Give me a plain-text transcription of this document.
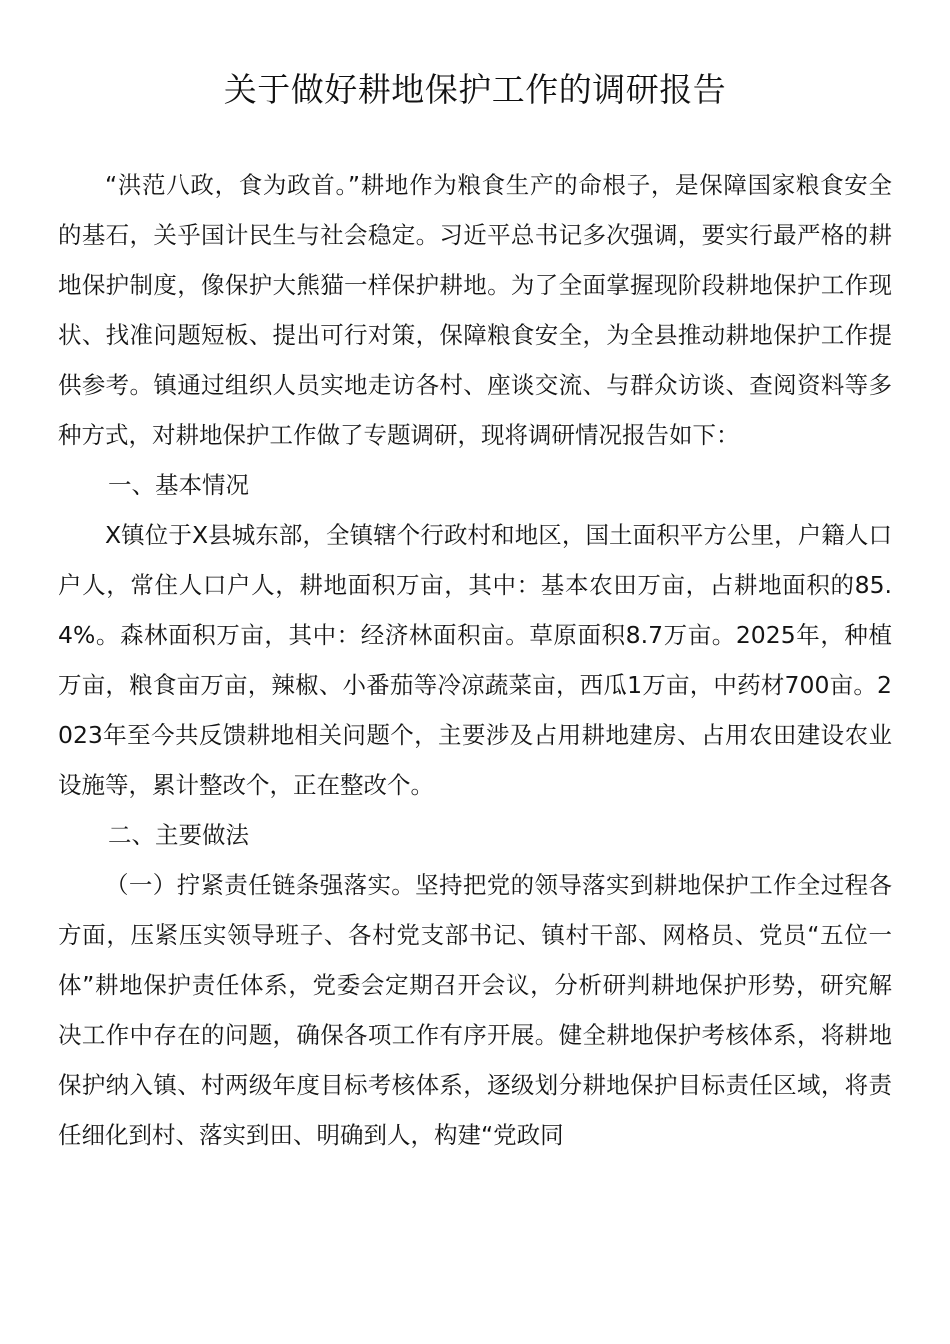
关于做好耕地保护工作的调研报告

“洪范八政，食为政首。”耕地作为粮食生产的命根子，是保障国家粮食安全的基石，关乎国计民生与社会稳定。习近平总书记多次强调，要实行最严格的耕地保护制度，像保护大熊猫一样保护耕地。为了全面掌握现阶段耕地保护工作现状、找准问题短板、提出可行对策，保障粮食安全，为全县推动耕地保护工作提供参考。镇通过组织人员实地走访各村、座谈交流、与群众访谈、查阅资料等多种方式，对耕地保护工作做了专题调研，现将调研情况报告如下：

一、基本情况

X镇位于X县城东部，全镇辖个行政村和地区，国土面积平方公里，户籍人口户人，常住人口户人，耕地面积万亩，其中：基本农田万亩，占耕地面积的85.4%。森林面积万亩，其中：经济林面积亩。草原面积8.7万亩。2025年，种植万亩，粮食亩万亩，辣椒、小番茄等冷凉蔬菜亩，西瓜1万亩，中药材700亩。2023年至今共反馈耕地相关问题个，主要涉及占用耕地建房、占用农田建设农业设施等，累计整改个，正在整改个。

二、主要做法

（一）拧紧责任链条强落实。坚持把党的领导落实到耕地保护工作全过程各方面，压紧压实领导班子、各村党支部书记、镇村干部、网格员、党员“五位一体”耕地保护责任体系，党委会定期召开会议，分析研判耕地保护形势，研究解决工作中存在的问题，确保各项工作有序开展。健全耕地保护考核体系，将耕地保护纳入镇、村两级年度目标考核体系，逐级划分耕地保护目标责任区域，将责任细化到村、落实到田、明确到人，构建“党政同
